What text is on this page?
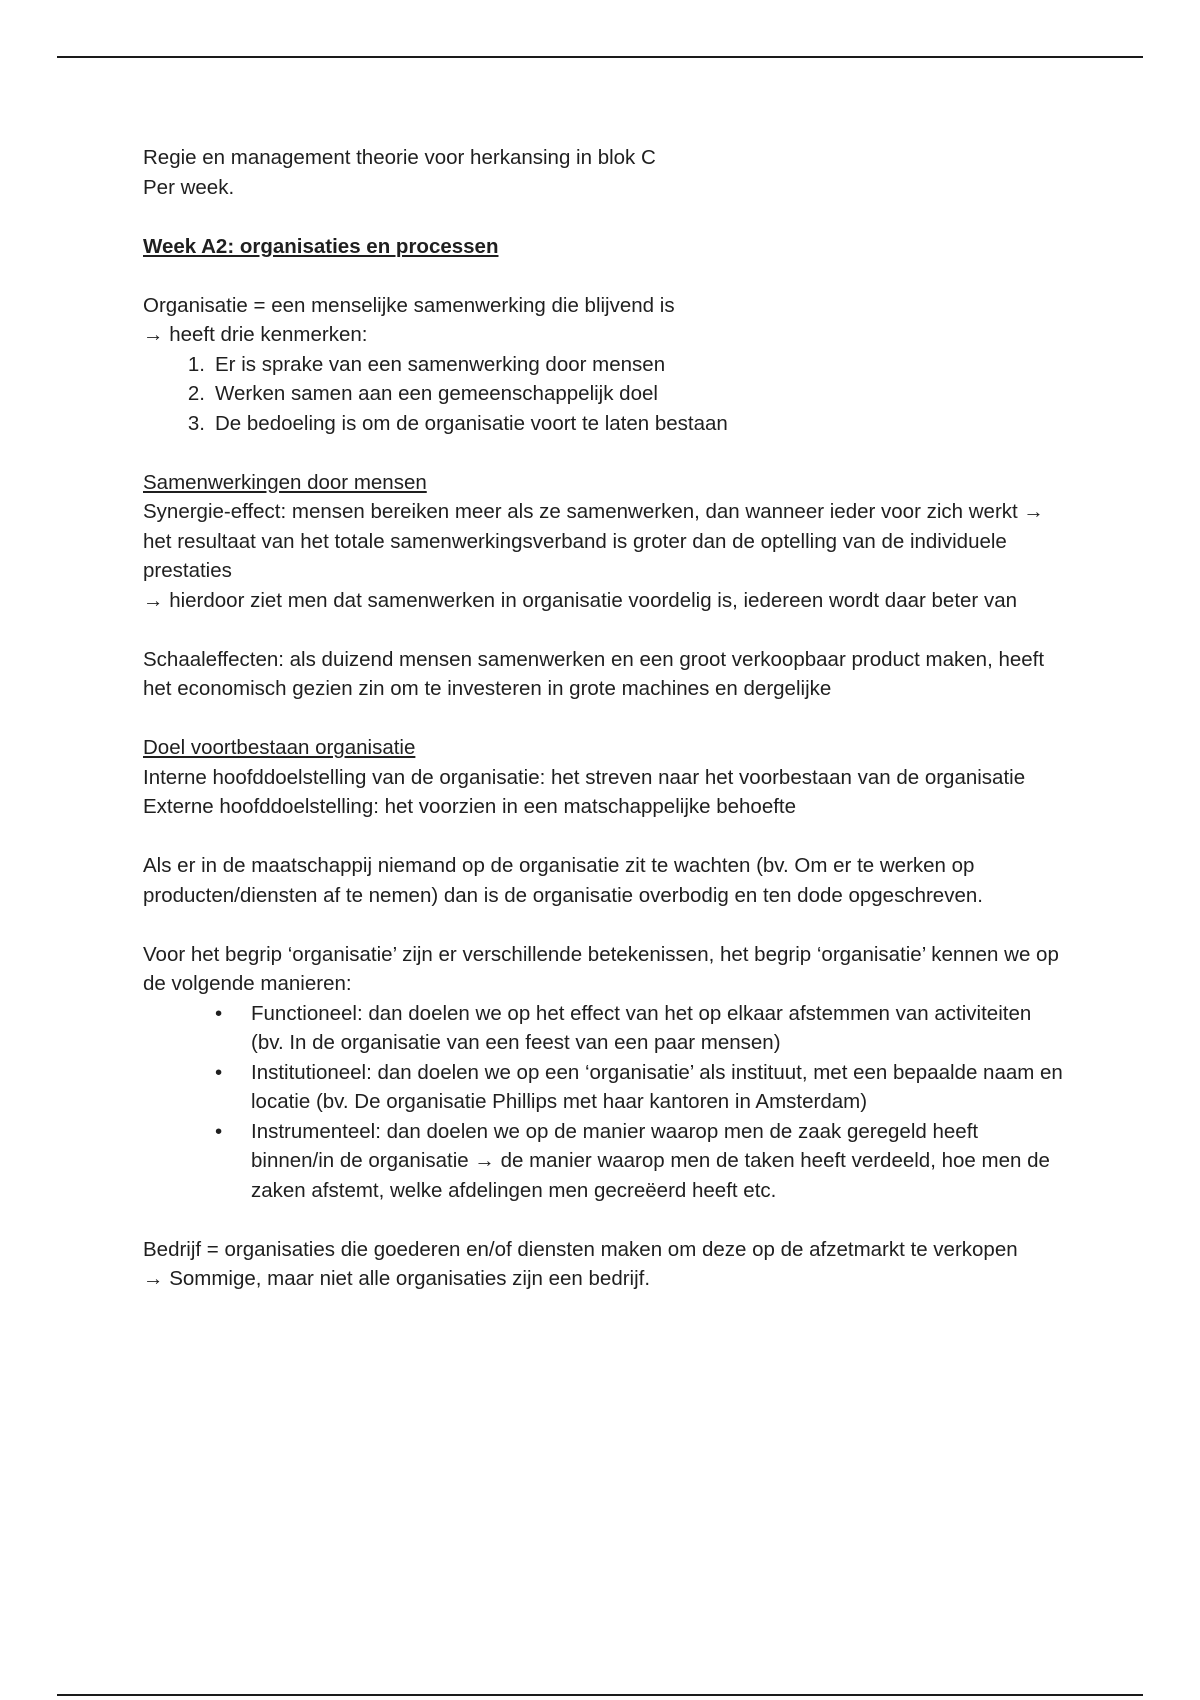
Regie en management theorie voor herkansing in blok C

Per week.

Week A2: organisaties en processen

Organisatie = een menselijke samenwerking die blijvend is

→ heeft drie kenmerken:

1. Er is sprake van een samenwerking door mensen
2. Werken samen aan een gemeenschappelijk doel
3. De bedoeling is om de organisatie voort te laten bestaan

Samenwerkingen door mensen

Synergie-effect: mensen bereiken meer als ze samenwerken, dan wanneer ieder voor zich werkt → het resultaat van het totale samenwerkingsverband is groter dan de optelling van de individuele prestaties

→ hierdoor ziet men dat samenwerken in organisatie voordelig is, iedereen wordt daar beter van

Schaaleffecten: als duizend mensen samenwerken en een groot verkoopbaar product maken, heeft het economisch gezien zin om te investeren in grote machines en dergelijke

Doel voortbestaan organisatie

Interne hoofddoelstelling van de organisatie: het streven naar het voorbestaan van de organisatie

Externe hoofddoelstelling: het voorzien in een matschappelijke behoefte

Als er in de maatschappij niemand op de organisatie zit te wachten (bv. Om er te werken op producten/diensten af te nemen) dan is de organisatie overbodig en ten dode opgeschreven.

Voor het begrip ‘organisatie’ zijn er verschillende betekenissen, het begrip ‘organisatie’ kennen we op de volgende manieren:

• Functioneel: dan doelen we op het effect van het op elkaar afstemmen van activiteiten (bv. In de organisatie van een feest van een paar mensen)
• Institutioneel: dan doelen we op een ‘organisatie’ als instituut, met een bepaalde naam en locatie (bv. De organisatie Phillips met haar kantoren in Amsterdam)
• Instrumenteel: dan doelen we op de manier waarop men de zaak geregeld heeft binnen/in de organisatie → de manier waarop men de taken heeft verdeeld, hoe men de zaken afstemt, welke afdelingen men gecreëerd heeft etc.

Bedrijf = organisaties die goederen en/of diensten maken om deze op de afzetmarkt te verkopen

→ Sommige, maar niet alle organisaties zijn een bedrijf.
